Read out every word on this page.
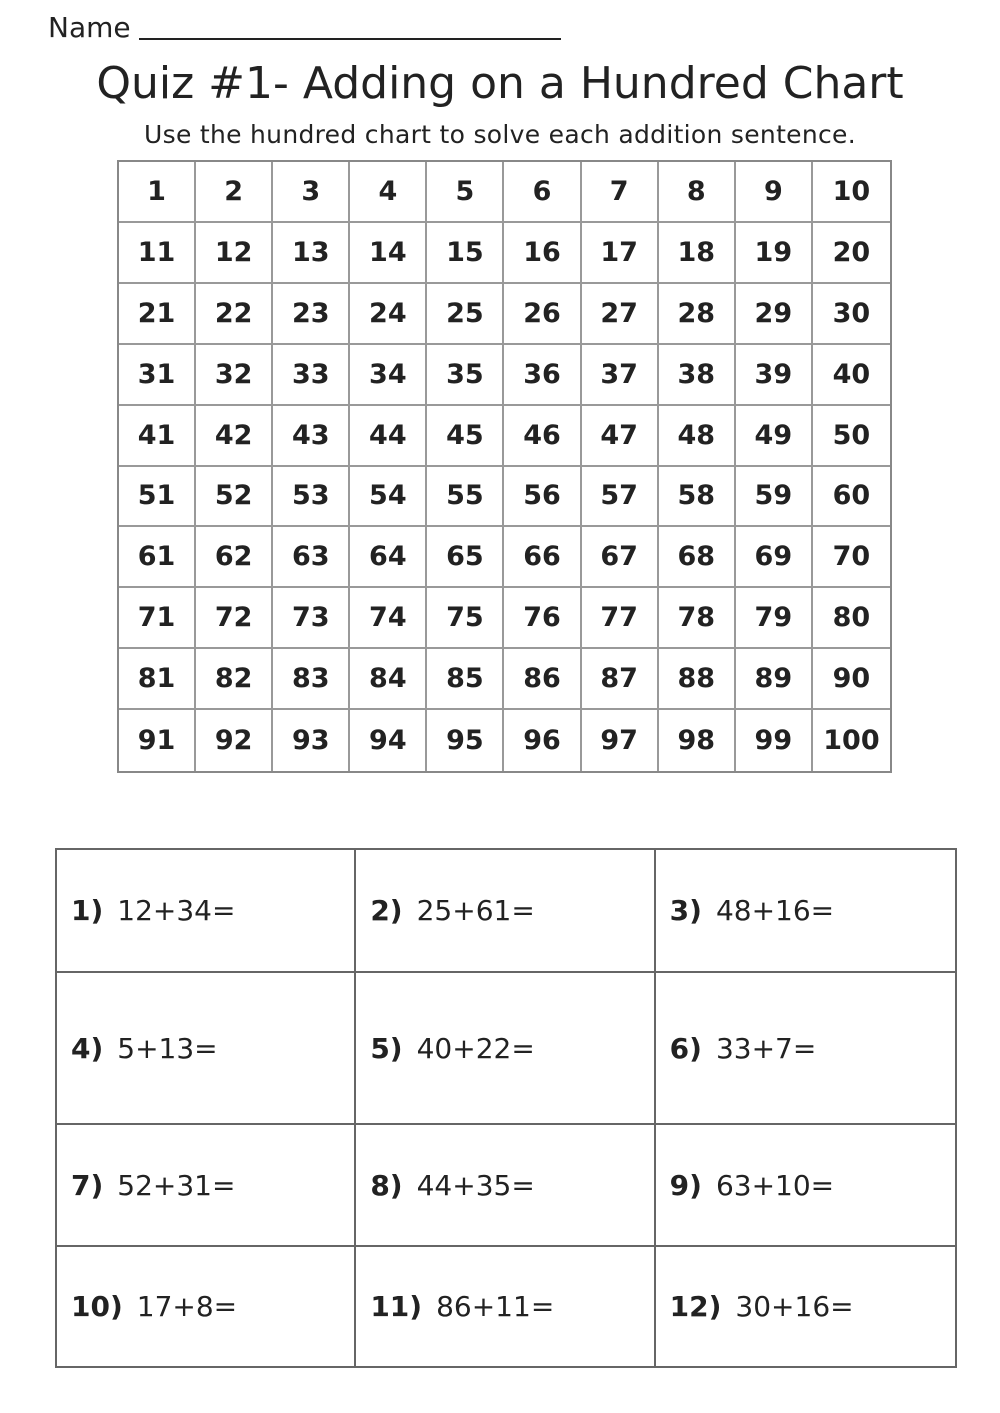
Name
Quiz #1- Adding on a Hundred Chart
Use the hundred chart to solve each addition sentence.
1	2	3	4	5	6	7	8	9	10
11	12	13	14	15	16	17	18	19	20
21	22	23	24	25	26	27	28	29	30
31	32	33	34	35	36	37	38	39	40
41	42	43	44	45	46	47	48	49	50
51	52	53	54	55	56	57	58	59	60
61	62	63	64	65	66	67	68	69	70
71	72	73	74	75	76	77	78	79	80
81	82	83	84	85	86	87	88	89	90
91	92	93	94	95	96	97	98	99	100
1) 12+34=	2) 25+61=	3) 48+16=
4) 5+13=	5) 40+22=	6) 33+7=
7) 52+31=	8) 44+35=	9) 63+10=
10) 17+8=	11) 86+11=	12) 30+16=
